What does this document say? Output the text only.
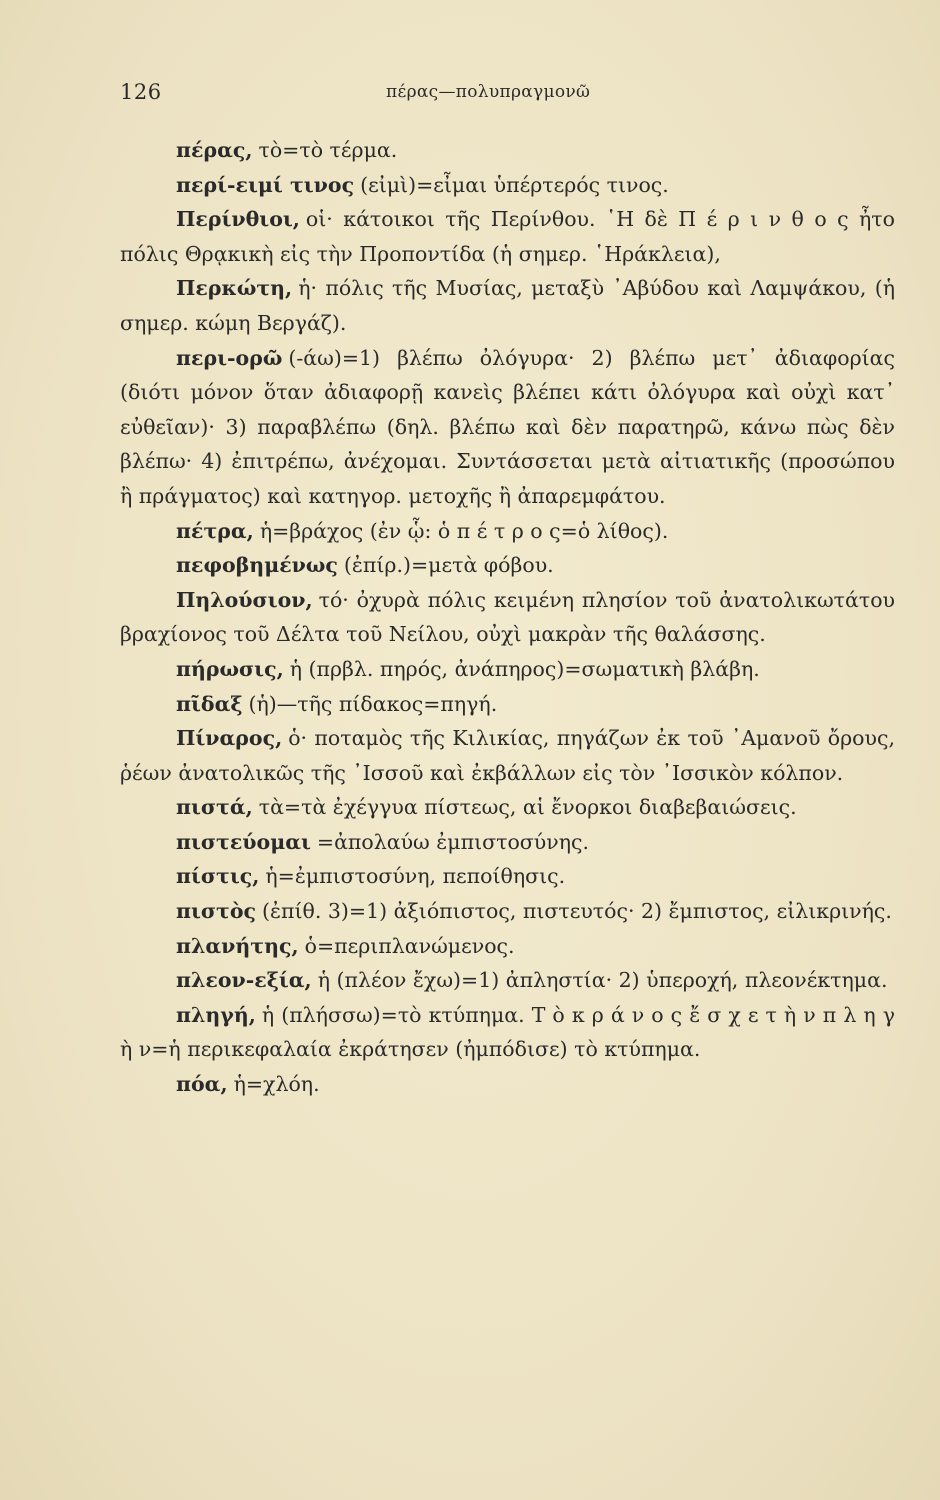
126	πέρας—πολυπραγμονῶ

πέρας, τὸ=τὸ τέρμα.

περί-ειμί τινος (εἰμὶ)=εἶμαι ὑπέρτερός τινος.

Περίνθιοι, οἱ· κάτοικοι τῆς Περίνθου. ῾Η δὲ Π έ ρ ι ν θ ο ς ἦτο πόλις Θρᾳκικὴ εἰς τὴν Προποντίδα (ἡ σημερ. ῾Ηράκλεια),

Περκώτη, ἡ· πόλις τῆς Μυσίας, μεταξὺ ᾿Αβύδου καὶ Λαμψάκου, (ἡ σημερ. κώμη Βεργάζ).

περι-ορῶ (-άω)=1) βλέπω ὀλόγυρα· 2) βλέπω μετ᾽ ἀδιαφορίας (διότι μόνον ὅταν ἀδιαφορῇ κανεὶς βλέπει κάτι ὀλόγυρα καὶ οὐχὶ κατ᾽ εὐθεῖαν)· 3) παραβλέπω (δηλ. βλέπω καὶ δὲν παρατηρῶ, κάνω πὼς δὲν βλέπω· 4) ἐπιτρέπω, ἀνέχομαι. Συντάσσεται μετὰ αἰτιατικῆς (προσώπου ἢ πράγματος) καὶ κατηγορ. μετοχῆς ἢ ἀπαρεμφάτου.

πέτρα, ἡ=βράχος (ἐν ᾧ: ὁ π έ τ ρ ο ς=ὁ λίθος).

πεφοβημένως (ἐπίρ.)=μετὰ φόβου.

Πηλούσιον, τό· ὀχυρὰ πόλις κειμένη πλησίον τοῦ ἀνατολικωτάτου βραχίονος τοῦ Δέλτα τοῦ Νείλου, οὐχὶ μακρὰν τῆς θαλάσσης.

πήρωσις, ἡ (πρβλ. πηρός, ἀνάπηρος)=σωματικὴ βλάβη.

πῖδαξ (ἡ)—τῆς πίδακος=πηγή.

Πίναρος, ὁ· ποταμὸς τῆς Κιλικίας, πηγάζων ἐκ τοῦ ᾿Αμανοῦ ὄρους, ῥέων ἀνατολικῶς τῆς ᾿Ισσοῦ καὶ ἐκβάλλων εἰς τὸν ᾿Ισσικὸν κόλπον.

πιστά, τὰ=τὰ ἐχέγγυα πίστεως, αἱ ἔνορκοι διαβεβαιώσεις.

πιστεύομαι =ἀπολαύω ἐμπιστοσύνης.

πίστις, ἡ=ἐμπιστοσύνη, πεποίθησις.

πιστὸς (ἐπίθ. 3)=1) ἀξιόπιστος, πιστευτός· 2) ἔμπιστος, εἰλικρινής.

πλανήτης, ὁ=περιπλανώμενος.

πλεον-εξία, ἡ (πλέον ἔχω)=1) ἀπληστία· 2) ὑπεροχή, πλεονέκτημα.

πληγή, ἡ (πλήσσω)=τὸ κτύπημα. Τ ὸ κ ρ ά ν ο ς ἔ σ χ ε τ ὴ ν π λ η γ ὴ ν=ἡ περικεφαλαία ἐκράτησεν (ἠμπόδισε) τὸ κτύπημα.

πόα, ἡ=χλόη.
